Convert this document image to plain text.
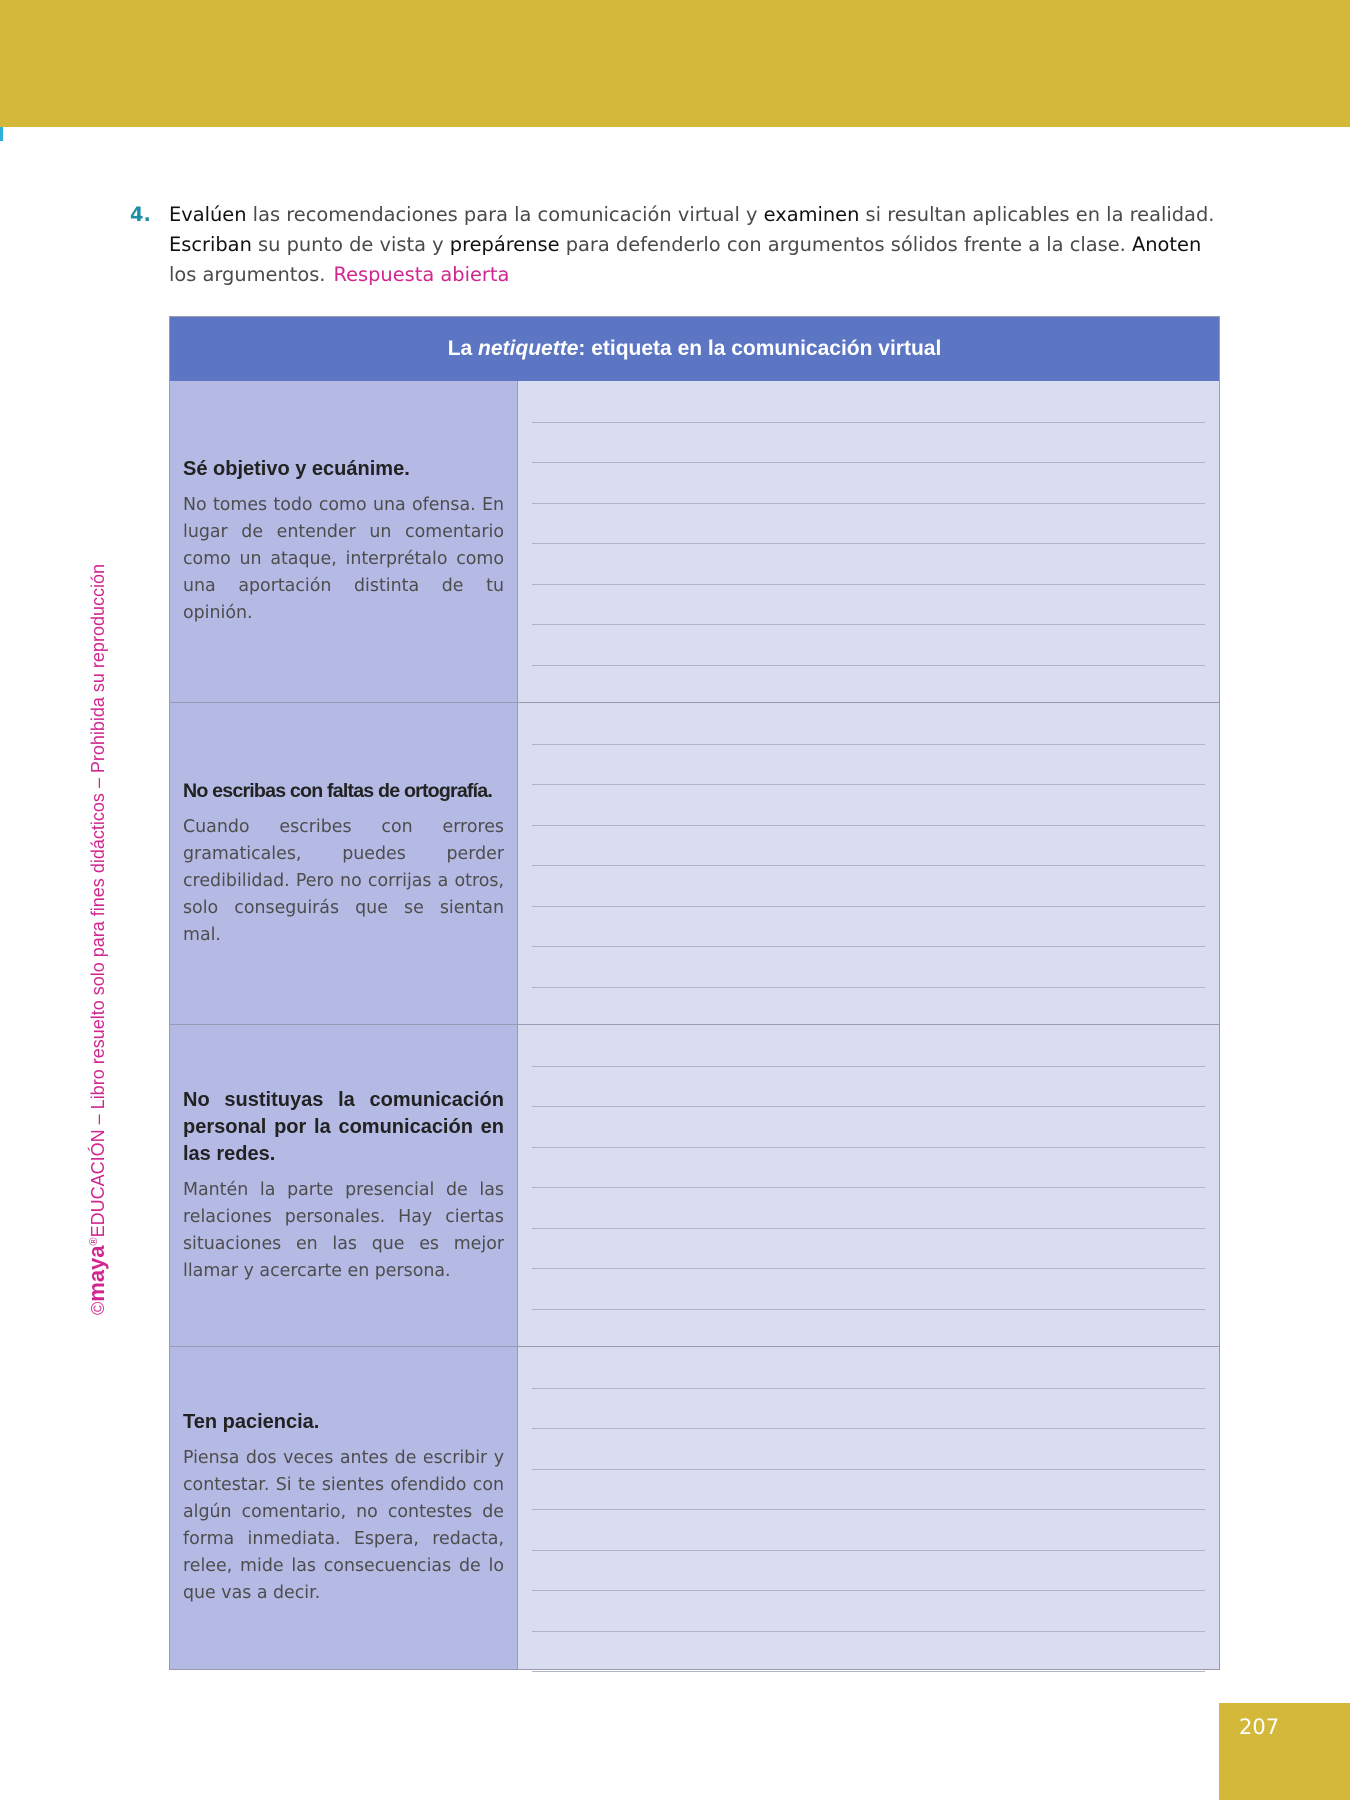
©maya®EDUCACIÓN – Libro resuelto solo para fines didácticos – Prohibida su reproducción
4. Evalúen las recomendaciones para la comunicación virtual y examinen si resultan aplicables en la realidad. Escriban su punto de vista y prepárense para defenderlo con argumentos sólidos frente a la clase. Anoten los argumentos. Respuesta abierta
La
netiquette : etiqueta en la comunicación virtual

Sé objetivo y ecuánime.

No tomes todo como una ofensa. En lugar de entender un comentario como un ataque, interprétalo como una aportación distinta de tu opinión.

No escribas con faltas de ortografía.

Cuando escribes con errores gramaticales, puedes perder credibilidad. Pero no corrijas a otros, solo conseguirás que se sientan mal.

No sustituyas la comunicación personal por la comunicación en las redes.

Mantén la parte presencial de las relaciones personales. Hay ciertas situaciones en las que es mejor llamar y acercarte en persona.

Ten paciencia.

Piensa dos veces antes de escribir y contestar. Si te sientes ofendido con algún comentario, no contestes de forma inmediata. Espera, redacta, relee, mide las consecuencias de lo que vas a decir.

207
